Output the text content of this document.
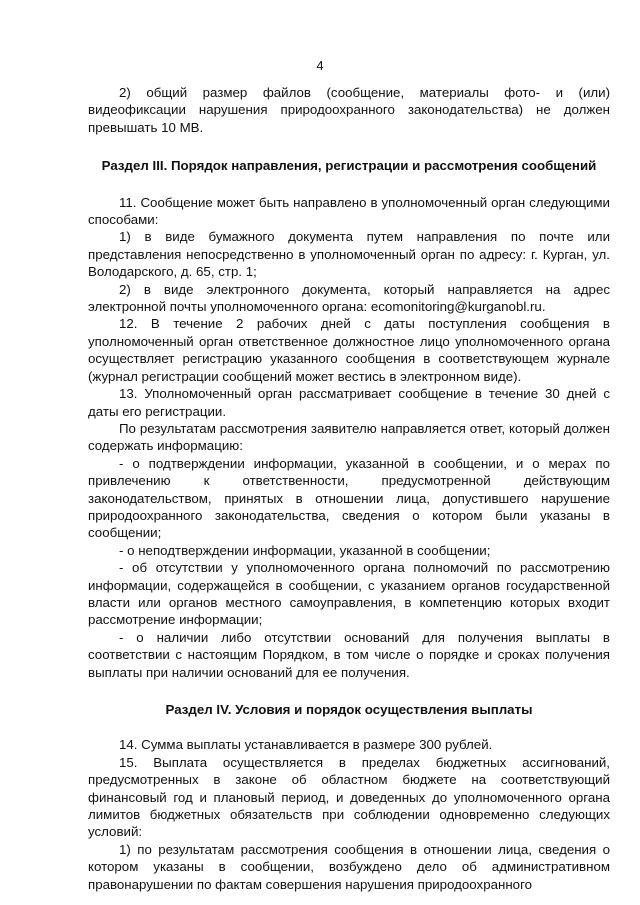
4

2) общий размер файлов (сообщение, материалы фото- и (или) видеофиксации нарушения природоохранного законодательства) не должен превышать 10 МВ.

Раздел III. Порядок направления, регистрации и рассмотрения сообщений

11. Сообщение может быть направлено в уполномоченный орган следующими способами:

1) в виде бумажного документа путем направления по почте или представления непосредственно в уполномоченный орган по адресу: г. Курган, ул. Володарского, д. 65, стр. 1;

2) в виде электронного документа, который направляется на адрес электронной почты уполномоченного органа: ecomonitoring@kurganobl.ru.

12. В течение 2 рабочих дней с даты поступления сообщения в уполномоченный орган ответственное должностное лицо уполномоченного органа осуществляет регистрацию указанного сообщения в соответствующем журнале (журнал регистрации сообщений может вестись в электронном виде).

13. Уполномоченный орган рассматривает сообщение в течение 30 дней с даты его регистрации.

По результатам рассмотрения заявителю направляется ответ, который должен содержать информацию:

- о подтверждении информации, указанной в сообщении, и о мерах по привлечению к ответственности, предусмотренной действующим законодательством, принятых в отношении лица, допустившего нарушение природоохранного законодательства, сведения о котором были указаны в сообщении;

- о неподтверждении информации, указанной в сообщении;

- об отсутствии у уполномоченного органа полномочий по рассмотрению информации, содержащейся в сообщении, с указанием органов государственной власти или органов местного самоуправления, в компетенцию которых входит рассмотрение информации;

- о наличии либо отсутствии оснований для получения выплаты в соответствии с настоящим Порядком, в том числе о порядке и сроках получения выплаты при наличии оснований для ее получения.

Раздел IV. Условия и порядок осуществления выплаты

14. Сумма выплаты устанавливается в размере 300 рублей.

15. Выплата осуществляется в пределах бюджетных ассигнований, предусмотренных в законе об областном бюджете на соответствующий финансовый год и плановый период, и доведенных до уполномоченного органа лимитов бюджетных обязательств при соблюдении одновременно следующих условий:

1) по результатам рассмотрения сообщения в отношении лица, сведения о котором указаны в сообщении, возбуждено дело об административном правонарушении по фактам совершения нарушения природоохранного
